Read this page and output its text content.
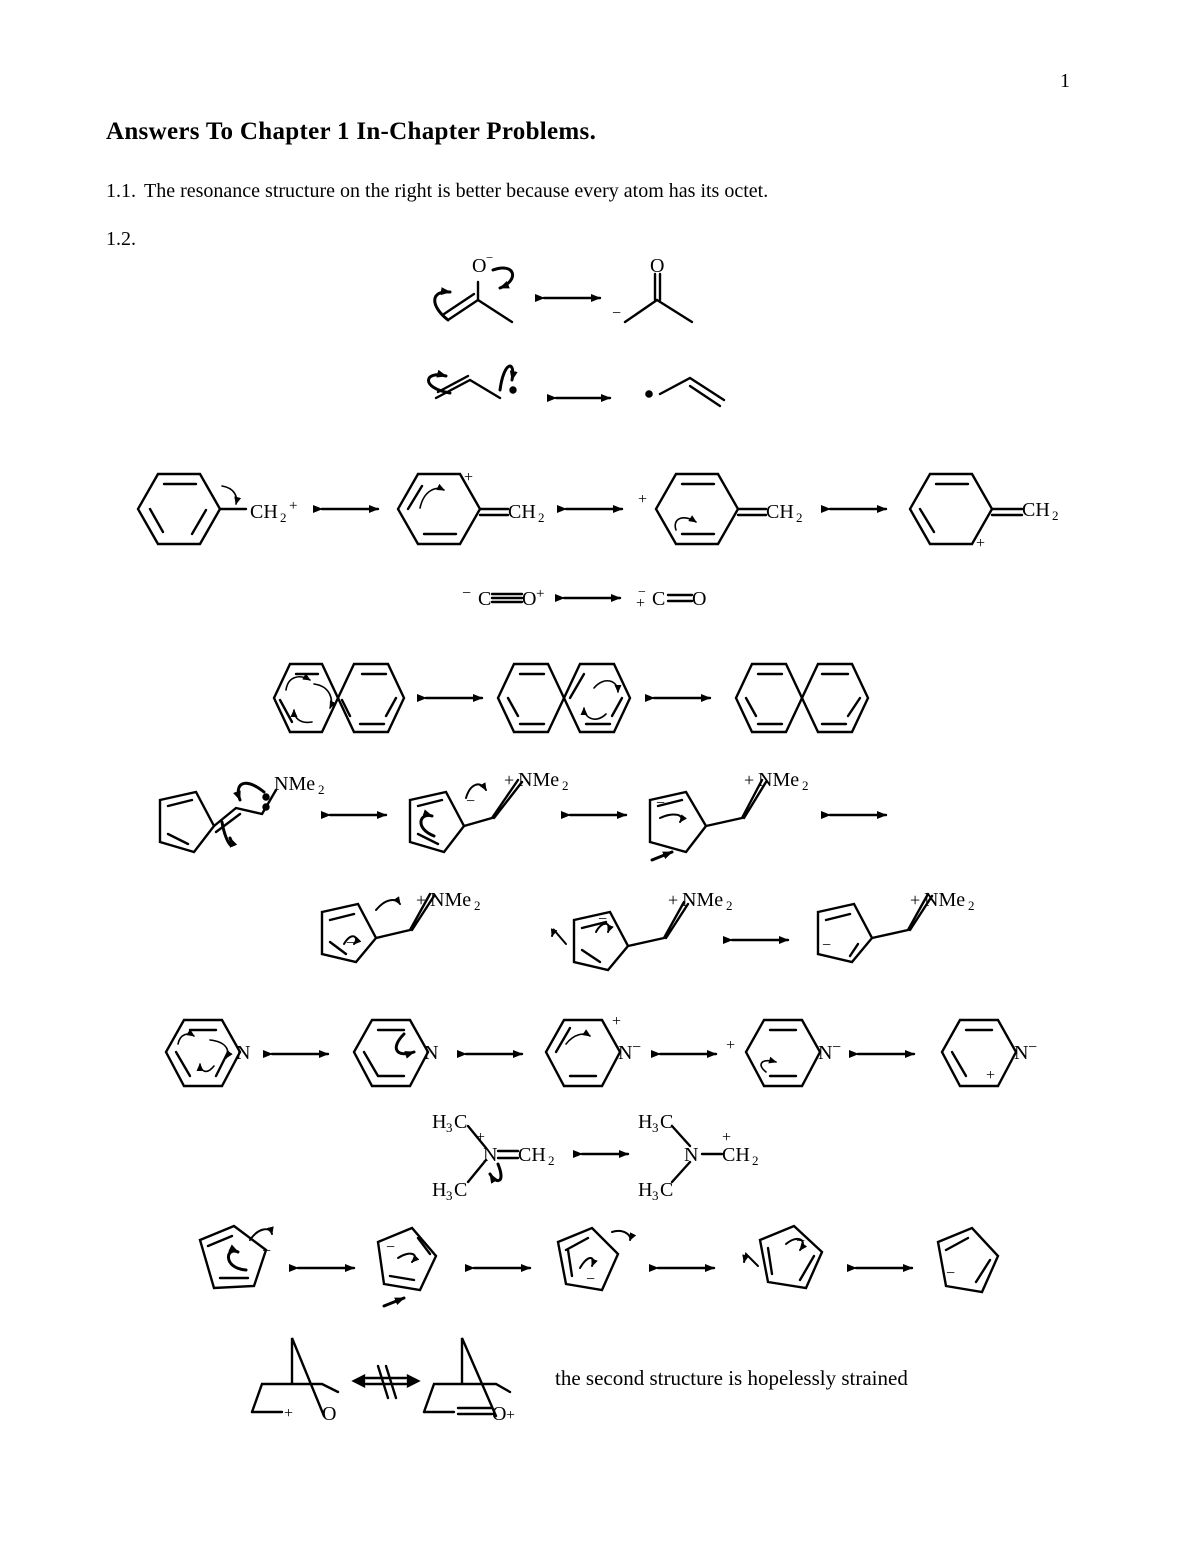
1
Answers To Chapter 1 In-Chapter Problems.
1.1. The resonance structure on the right is better because every atom has its octet.
1.2.
O −	O
−
CH 2
+
+
CH 2
+
CH 2	CH 2
+
− C O +	−
+ C O
NMe 2	+ NMe 2
−
+ NMe 2
−
+ NMe 2
−
+ NMe 2
−
+ NMe 2
−
N	N	N −
+
N −
+	N −
+
H 3 C
+
N CH 2
H 3 C
H 3 C
N
+
CH 2
H 3 C
−	−
−
−
−
+ O	O +
the second structure is hopelessly strained
